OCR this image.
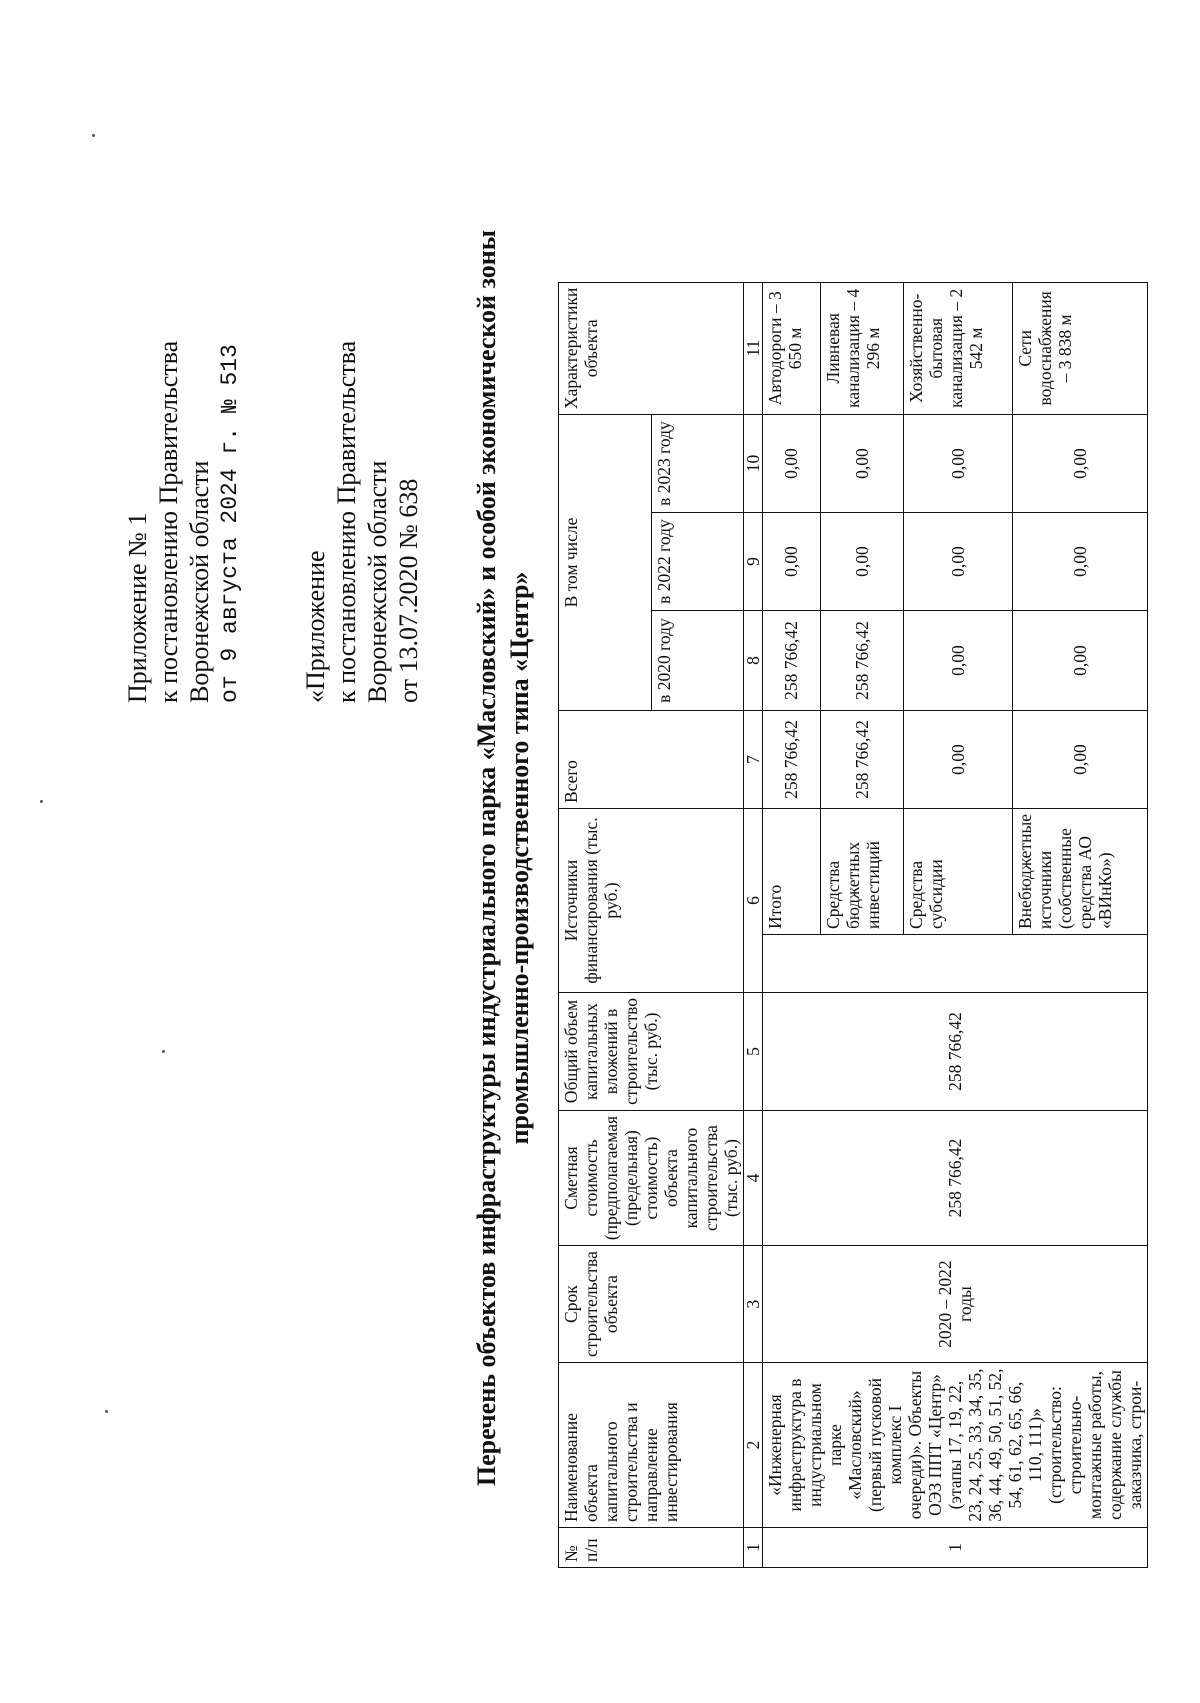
Приложение № 1 к постановлению Правительства Воронежской области от 9 августа 2024 г. № 513 «Приложение к постановлению Правительства Воронежской области от 13.07.2020 № 638 Перечень объектов инфраструктуры индустриального парка «Масловский» и особой экономической зоны промышленно-производственного типа «Центр»
№ п/п	Наименование объекта капитального строительства и направление инвестирования	Срок строительства объекта	Сметная стоимость (предполагаемая (предельная) стоимость) объекта капитального строительства (тыс. руб.)	Общий объем капитальных вложений в строительство (тыс. руб.)	Источники финансирования (тыс. руб.)		Всего	В том числе			Характеристики объекта
								в 2020 году	в 2022 году	в 2023 году	
1	2	3	4	5	6		7	8	9	10	11
1	«Инженерная инфраструктура в индустриальном парке «Масловский» (первый пусковой комплекс I очереди)». Объекты ОЭЗ ППТ «Центр» (этапы 17, 19, 22, 23, 24, 25, 33, 34, 35, 36, 44, 49, 50, 51, 52, 54, 61, 62, 65, 66, 110, 111)» (строительство: строительно-монтажные работы, содержание службы заказчика, строи-	2020 – 2022 годы	258 766,42	258 766,42		Итого	258 766,42	258 766,42	0,00	0,00	Автодороги – 3 650 м
						Средства бюджетных инвестиций	258 766,42	258 766,42	0,00	0,00	Ливневая канализация – 4 296 м
						Средства субсидии	0,00	0,00	0,00	0,00	Хозяйственно-бытовая канализация – 2 542 м
						Внебюджетные источники (собственные средства АО «ВИнКо»)	0,00	0,00	0,00	0,00	Сети водоснабжения – 3 838 м
